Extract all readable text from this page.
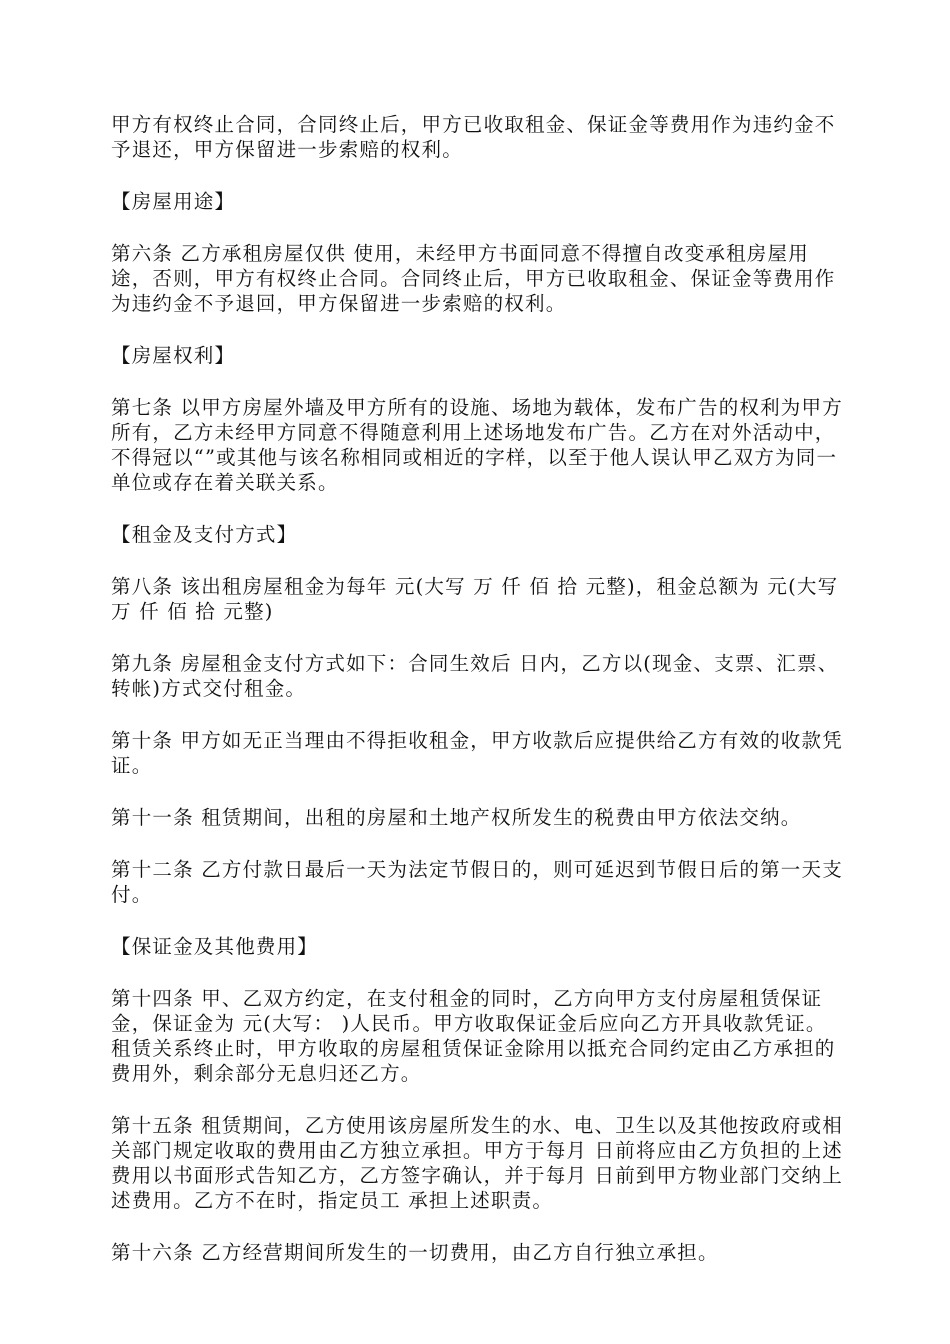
甲方有权终止合同，合同终止后，甲方已收取租金、保证金等费用作为违约金不予退还，甲方保留进一步索赔的权利。

【房屋用途】

第六条 乙方承租房屋仅供 使用，未经甲方书面同意不得擅自改变承租房屋用途，否则，甲方有权终止合同。合同终止后，甲方已收取租金、保证金等费用作为违约金不予退回，甲方保留进一步索赔的权利。

【房屋权利】

第七条 以甲方房屋外墙及甲方所有的设施、场地为载体，发布广告的权利为甲方所有，乙方未经甲方同意不得随意利用上述场地发布广告。乙方在对外活动中，不得冠以“”或其他与该名称相同或相近的字样，以至于他人误认甲乙双方为同一单位或存在着关联关系。

【租金及支付方式】

第八条 该出租房屋租金为每年 元(大写 万 仟 佰 拾 元整)，租金总额为 元(大写 万 仟 佰 拾 元整)

第九条 房屋租金支付方式如下：合同生效后 日内，乙方以(现金、支票、汇票、转帐)方式交付租金。

第十条 甲方如无正当理由不得拒收租金，甲方收款后应提供给乙方有效的收款凭证。

第十一条 租赁期间，出租的房屋和土地产权所发生的税费由甲方依法交纳。

第十二条 乙方付款日最后一天为法定节假日的，则可延迟到节假日后的第一天支付。

【保证金及其他费用】

第十四条 甲、乙双方约定，在支付租金的同时，乙方向甲方支付房屋租赁保证金，保证金为 元(大写： )人民币。甲方收取保证金后应向乙方开具收款凭证。租赁关系终止时，甲方收取的房屋租赁保证金除用以抵充合同约定由乙方承担的费用外，剩余部分无息归还乙方。

第十五条 租赁期间，乙方使用该房屋所发生的水、电、卫生以及其他按政府或相关部门规定收取的费用由乙方独立承担。甲方于每月 日前将应由乙方负担的上述费用以书面形式告知乙方，乙方签字确认，并于每月 日前到甲方物业部门交纳上述费用。乙方不在时，指定员工 承担上述职责。

第十六条 乙方经营期间所发生的一切费用，由乙方自行独立承担。
